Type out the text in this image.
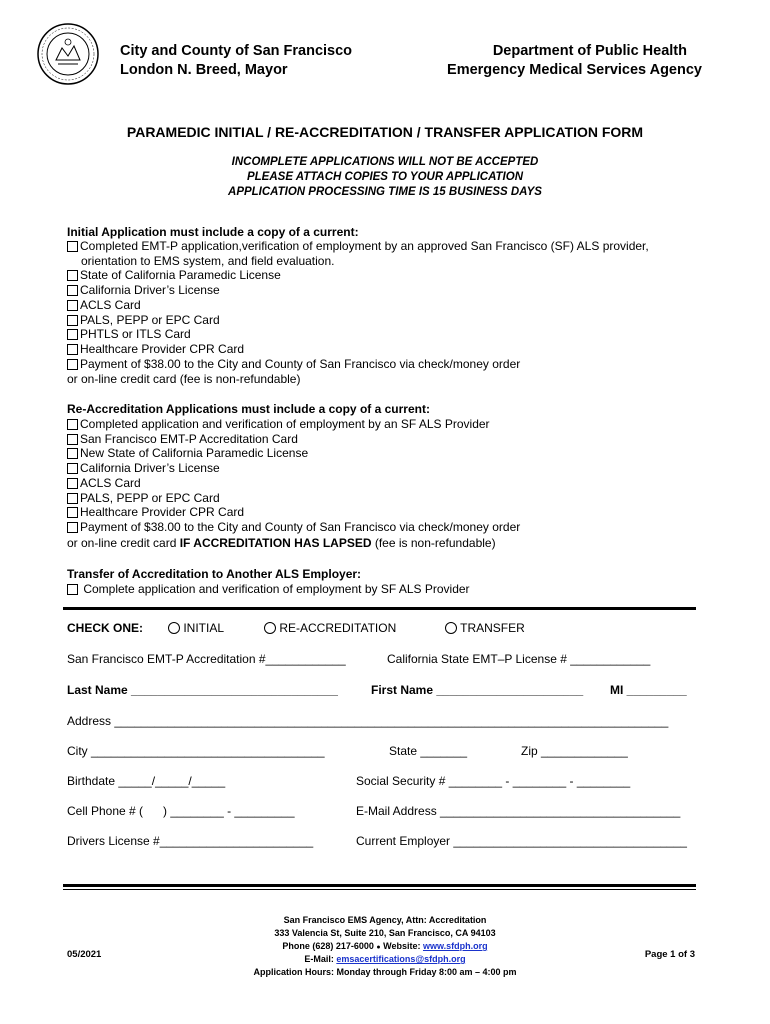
City and County of San Francisco
London N. Breed, Mayor
Department of Public Health
Emergency Medical Services Agency
PARAMEDIC INITIAL / RE-ACCREDITATION / TRANSFER APPLICATION FORM
INCOMPLETE APPLICATIONS WILL NOT BE ACCEPTED
PLEASE ATTACH COPIES TO YOUR APPLICATION
APPLICATION PROCESSING TIME IS 15 BUSINESS DAYS
Initial Application must include a copy of a current:
Completed EMT-P application,verification of employment by an approved San Francisco (SF) ALS provider,
orientation to EMS system, and field evaluation.
State of California Paramedic License
California Driver’s License
ACLS Card
PALS, PEPP or EPC Card
PHTLS or ITLS Card
Healthcare Provider CPR Card
Payment of $38.00 to the City and County of San Francisco via check/money order
or on-line credit card (fee is non-refundable)
Re-Accreditation Applications must include a copy of a current:
Completed application and verification of employment by an SF ALS Provider
San Francisco EMT-P Accreditation Card
New State of California Paramedic License
California Driver’s License
ACLS Card
PALS, PEPP or EPC Card
Healthcare Provider CPR Card
Payment of $38.00 to the City and County of San Francisco via check/money order
or on-line credit card IF ACCREDITATION HAS LAPSED (fee is non-refundable)
Transfer of Accreditation to Another ALS Employer:
Complete application and verification of employment by SF ALS Provider
CHECK ONE:	INITIAL	RE-ACCREDITATION	TRANSFER
San Francisco EMT-P Accreditation #____________	California State EMT–P License # ____________
Last Name _______________________________	First Name ______________________ MI _________
Address ___________________________________________________________________________________
City ___________________________________	State _______	Zip _____________
Birthdate _____/_____/_____	Social Security # ________ - ________ - ________
Cell Phone # (      ) ________ - _________	E-Mail Address ____________________________________
Drivers License #_______________________	Current Employer ___________________________________
San Francisco EMS Agency, Attn: Accreditation
333 Valencia St, Suite 210, San Francisco, CA 94103
Phone (628) 217-6000 ● Website: www.sfdph.org
E-Mail: emsacertifications@sfdph.org
Application Hours: Monday through Friday 8:00 am – 4:00 pm
05/2021	Page 1 of 3
